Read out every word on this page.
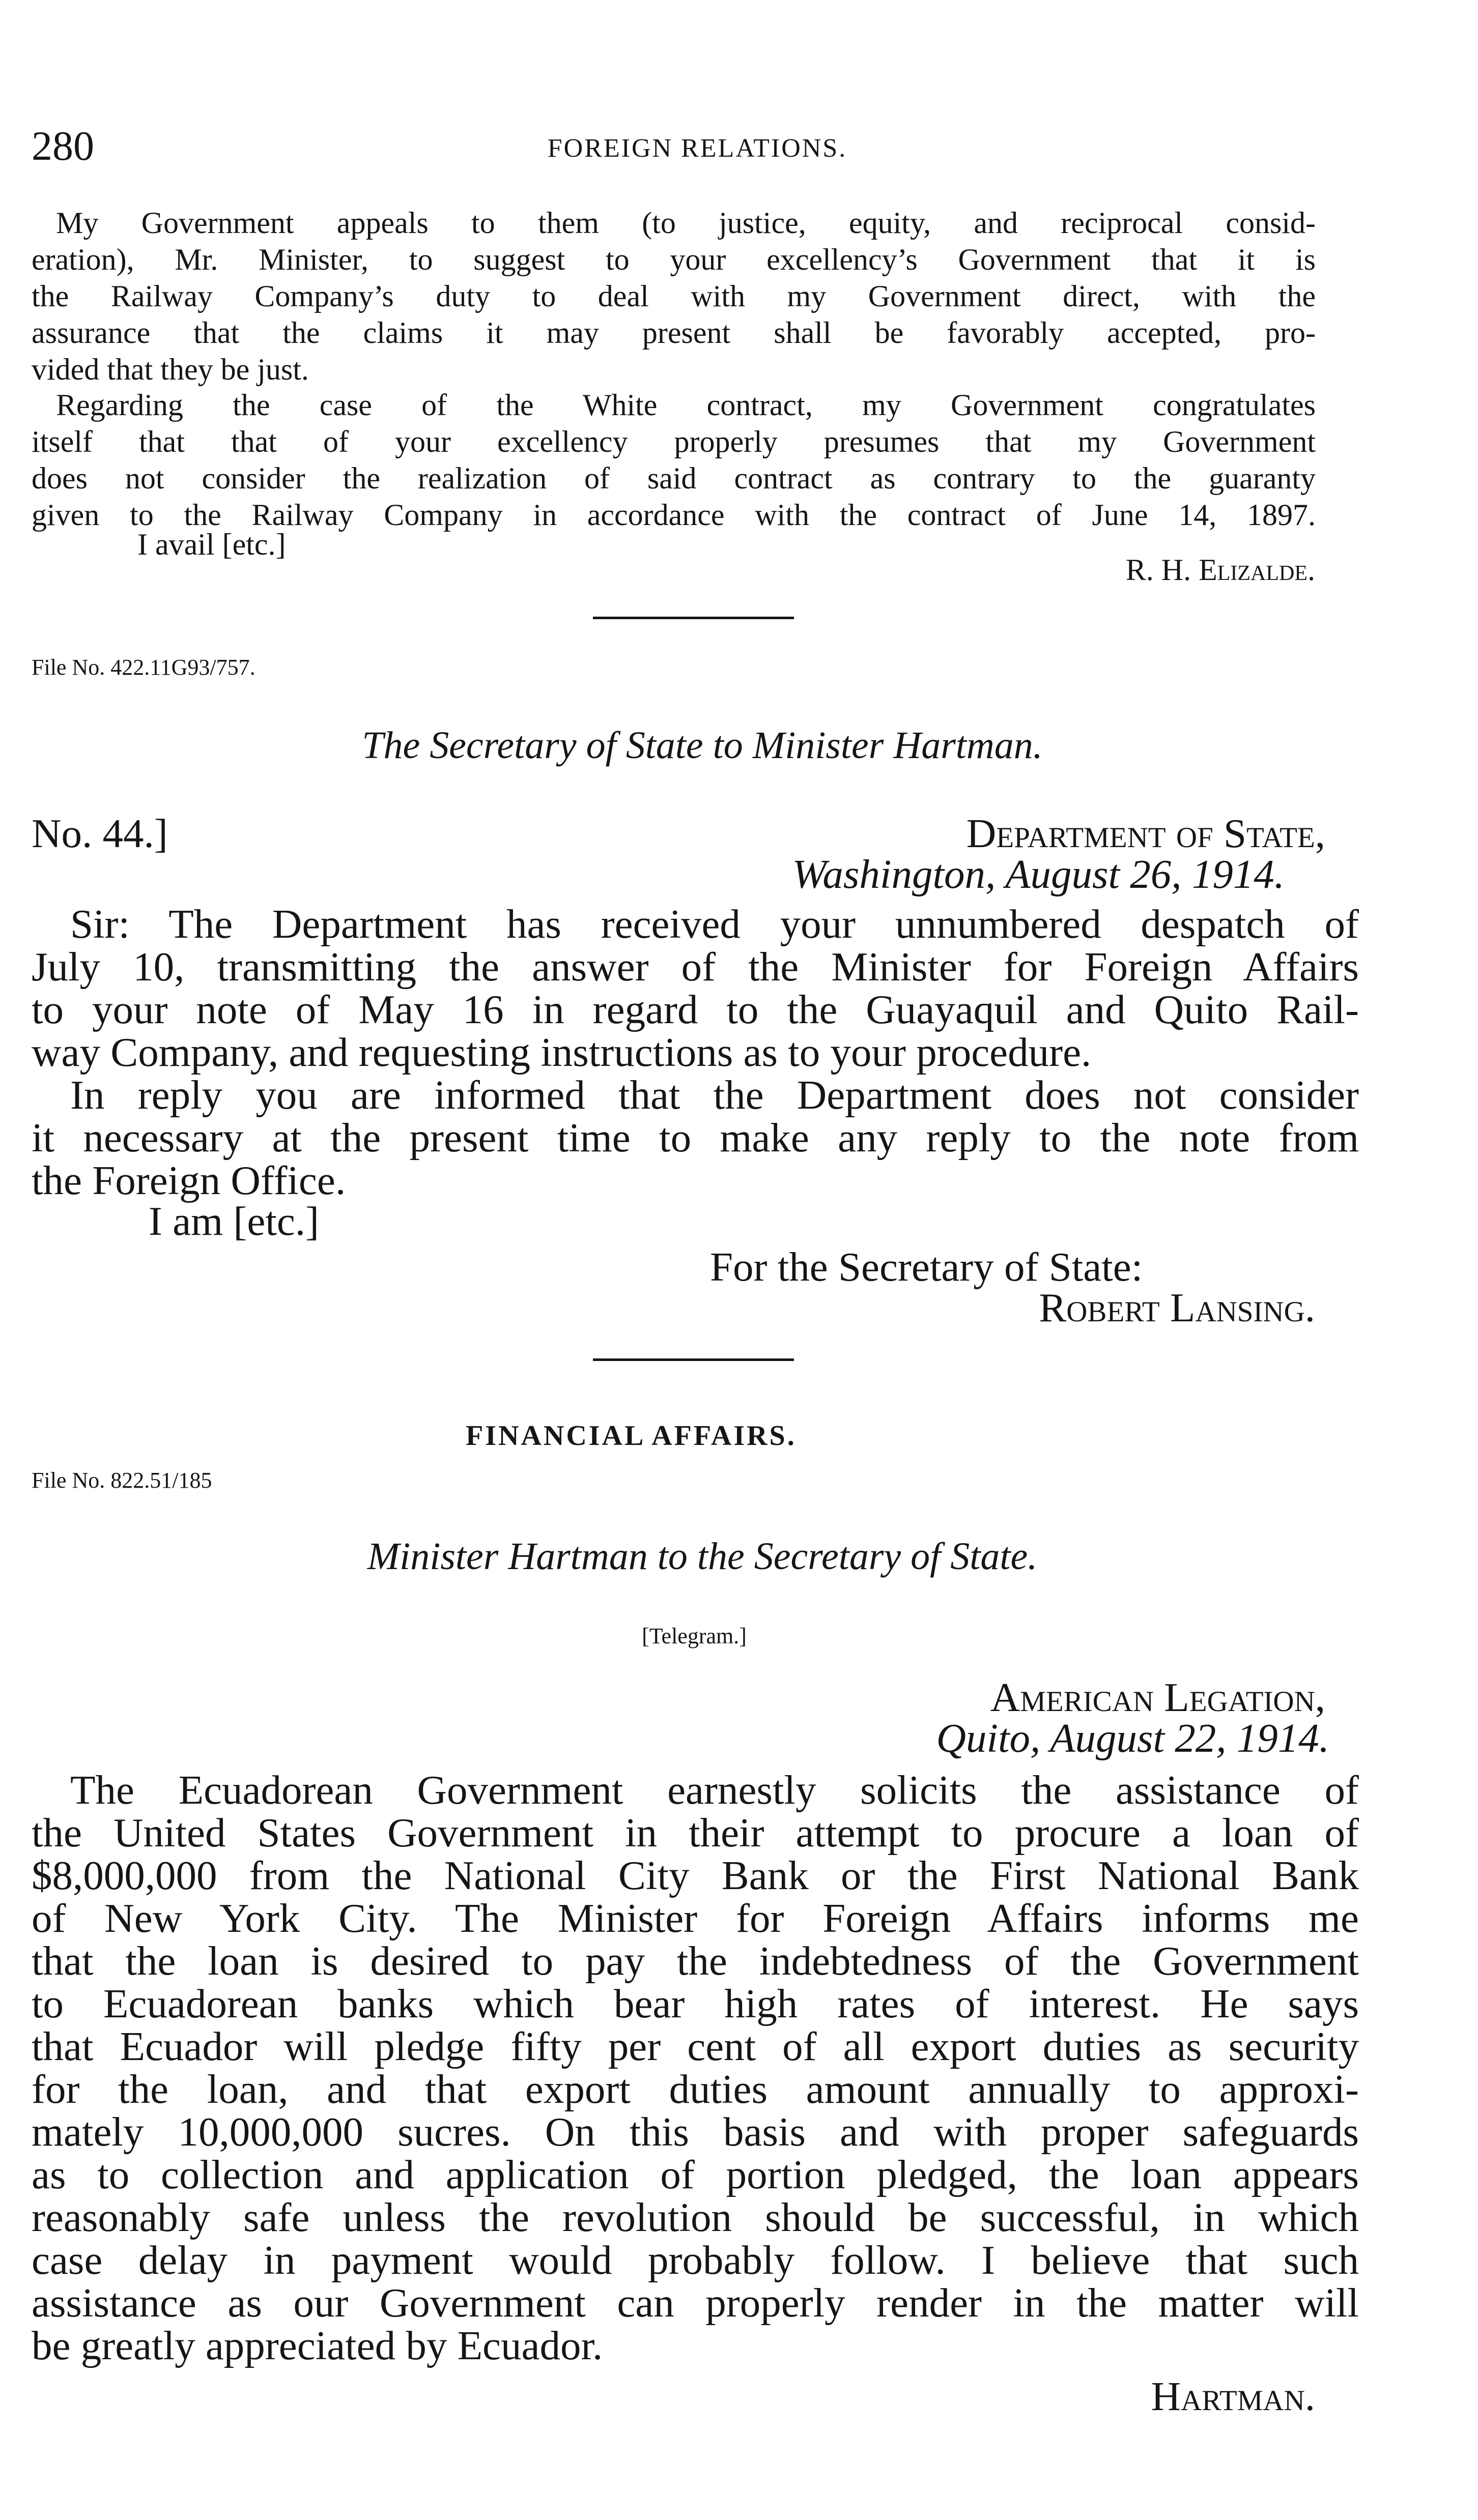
280	FOREIGN RELATIONS.
My Government appeals to them (to justice, equity, and reciprocal consid-
eration), Mr. Minister, to suggest to your excellency’s Government that it is
the Railway Company’s duty to deal with my Government direct, with the
assurance that the claims it may present shall be favorably accepted, pro-
vided that they be just.
Regarding the case of the White contract, my Government congratulates
itself that that of your excellency properly presumes that my Government
does not consider the realization of said contract as contrary to the guaranty
given to the Railway Company in accordance with the contract of June 14, 1897.
I avail [etc.]
R. H. Elizalde.
File No. 422.11G93/757.
The Secretary of State to Minister Hartman.
No. 44.]	Department of State,
Washington, August 26, 1914.
Sir: The Department has received your unnumbered despatch of
July 10, transmitting the answer of the Minister for Foreign Affairs
to your note of May 16 in regard to the Guayaquil and Quito Rail-
way Company, and requesting instructions as to your procedure.
In reply you are informed that the Department does not consider
it necessary at the present time to make any reply to the note from
the Foreign Office.
I am [etc.]
For the Secretary of State:
Robert Lansing.
FINANCIAL AFFAIRS.
File No. 822.51/185
Minister Hartman to the Secretary of State.
[Telegram.]
American Legation,
Quito, August 22, 1914.
The Ecuadorean Government earnestly solicits the assistance of
the United States Government in their attempt to procure a loan of
$8,000,000 from the National City Bank or the First National Bank
of New York City. The Minister for Foreign Affairs informs me
that the loan is desired to pay the indebtedness of the Government
to Ecuadorean banks which bear high rates of interest. He says
that Ecuador will pledge fifty per cent of all export duties as security
for the loan, and that export duties amount annually to approxi-
mately 10,000,000 sucres. On this basis and with proper safeguards
as to collection and application of portion pledged, the loan appears
reasonably safe unless the revolution should be successful, in which
case delay in payment would probably follow. I believe that such
assistance as our Government can properly render in the matter will
be greatly appreciated by Ecuador.
Hartman.
